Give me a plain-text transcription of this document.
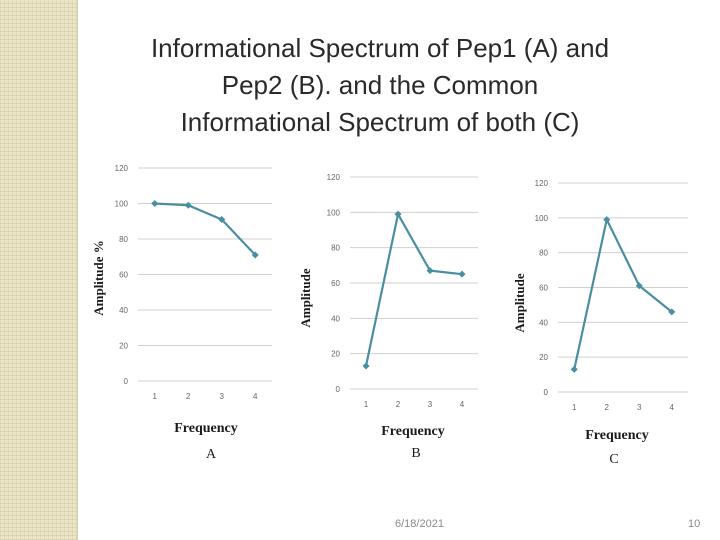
Informational Spectrum of Pep1 (A) and
Pep2 (B). and the Common
Informational Spectrum of both (C)
0
20
40
60
80
100
120
1	2	3	4
Amplitude %
Frequency
A
0
20
40
60
80
100
120
1	2	3	4
Amplitude
Frequency
B
0
20
40
60
80
100
120
1	2	3	4
Amplitude
Frequency
C
6/18/2021	10
